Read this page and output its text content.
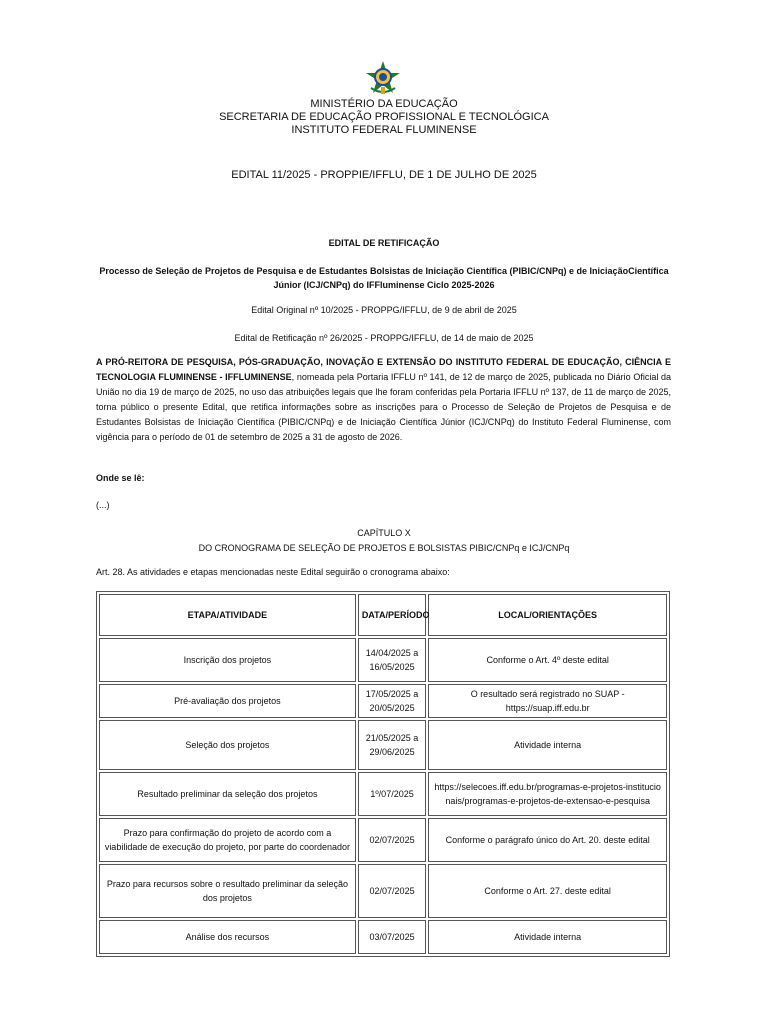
MINISTÉRIO DA EDUCAÇÃO
SECRETARIA DE EDUCAÇÃO PROFISSIONAL E TECNOLÓGICA
INSTITUTO FEDERAL FLUMINENSE
EDITAL 11/2025 - PROPPIE/IFFLU, DE 1 DE JULHO DE 2025
EDITAL DE RETIFICAÇÃO
Processo de Seleção de Projetos de Pesquisa e de Estudantes Bolsistas de Iniciação Científica (PIBIC/CNPq) e de IniciaçãoCientífica Júnior (ICJ/CNPq) do IFFluminense Ciclo 2025-2026
Edital Original nº 10/2025 - PROPPG/IFFLU, de 9 de abril de 2025
Edital de Retificação nº 26/2025 - PROPPG/IFFLU, de 14 de maio de 2025
A PRÓ-REITORA DE PESQUISA, PÓS-GRADUAÇÃO, INOVAÇÃO E EXTENSÃO DO INSTITUTO FEDERAL DE EDUCAÇÃO, CIÊNCIA E TECNOLOGIA FLUMINENSE - IFFLUMINENSE, nomeada pela Portaria IFFLU nº 141, de 12 de março de 2025, publicada no Diário Oficial da União no dia 19 de março de 2025, no uso das atribuições legais que lhe foram conferidas pela Portaria IFFLU nº 137, de 11 de março de 2025, torna público o presente Edital, que retifica informações sobre as inscrições para o Processo de Seleção de Projetos de Pesquisa e de Estudantes Bolsistas de Iniciação Científica (PIBIC/CNPq) e de Iniciação Científica Júnior (ICJ/CNPq) do Instituto Federal Fluminense, com vigência para o período de 01 de setembro de 2025 a 31 de agosto de 2026.
Onde se lê:
(...)
CAPÍTULO X
DO CRONOGRAMA DE SELEÇÃO DE PROJETOS E BOLSISTAS PIBIC/CNPq e ICJ/CNPq
Art. 28. As atividades e etapas mencionadas neste Edital seguirão o cronograma abaixo:
ETAPA/ATIVIDADE	DATA/PERÍODO	LOCAL/ORIENTAÇÕES
Inscrição dos projetos	14/04/2025 a 16/05/2025	Conforme o Art. 4º deste edital
Pré-avaliação dos projetos	17/05/2025 a 20/05/2025	O resultado será registrado no SUAP - https://suap.iff.edu.br
Seleção dos projetos	21/05/2025 a 29/06/2025	Atividade interna
Resultado preliminar da seleção dos projetos	1º/07/2025	https://selecoes.iff.edu.br/programas-e-projetos-institucionais/programas-e-projetos-de-extensao-e-pesquisa
Prazo para confirmação do projeto de acordo com a viabilidade de execução do projeto, por parte do coordenador	02/07/2025	Conforme o parágrafo único do Art. 20. deste edital
Prazo para recursos sobre o resultado preliminar da seleção dos projetos	02/07/2025	Conforme o Art. 27. deste edital
Análise dos recursos	03/07/2025	Atividade interna
